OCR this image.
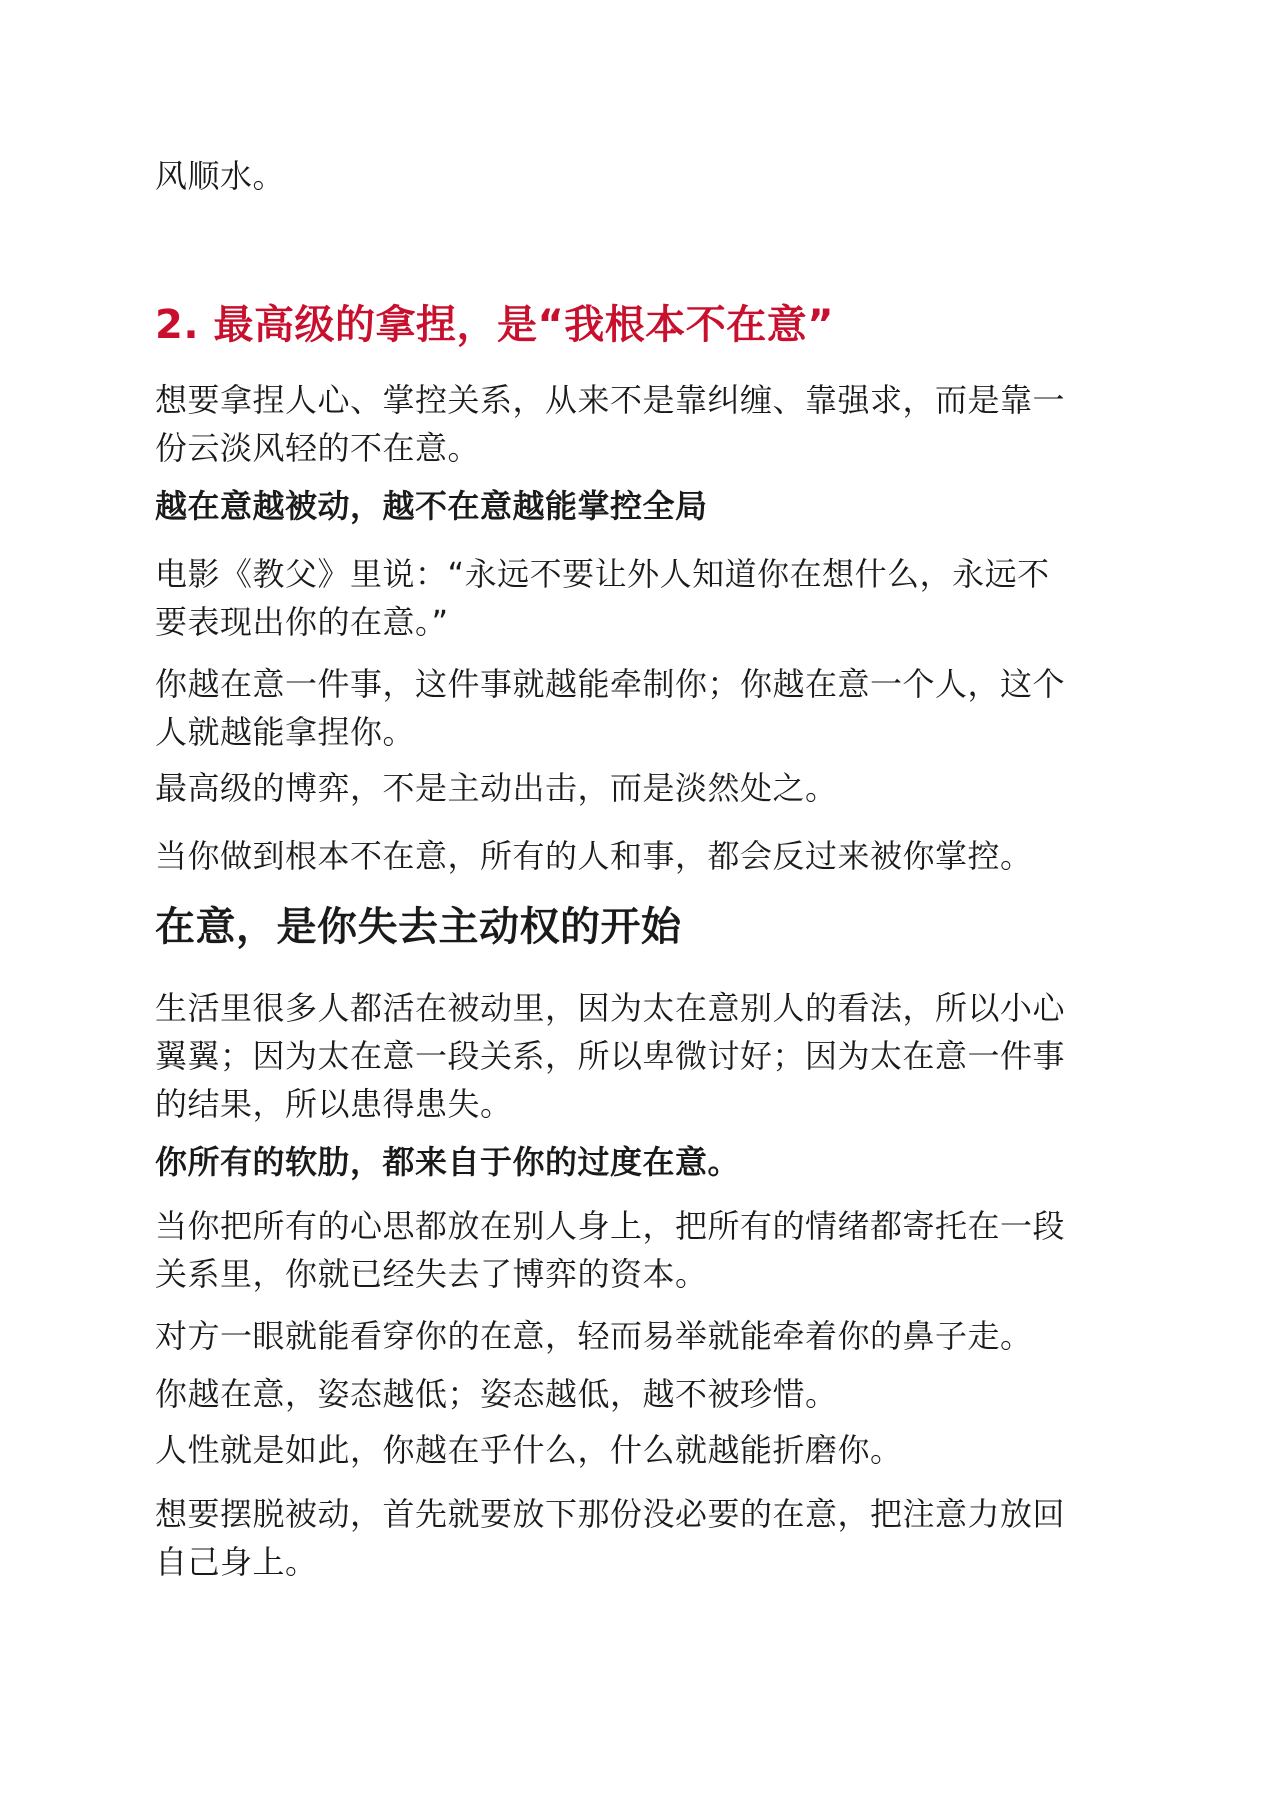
风顺水。
2. 最高级的拿捏，是“我根本不在意”
想要拿捏人心、掌控关系，从来不是靠纠缠、靠强求，而是靠一
份云淡风轻的不在意。
越在意越被动，越不在意越能掌控全局
电影《教父》里说：“永远不要让外人知道你在想什么，永远不
要表现出你的在意。”
你越在意一件事，这件事就越能牵制你；你越在意一个人，这个
人就越能拿捏你。
最高级的博弈，不是主动出击，而是淡然处之。
当你做到根本不在意，所有的人和事，都会反过来被你掌控。
在意，是你失去主动权的开始
生活里很多人都活在被动里，因为太在意别人的看法，所以小心
翼翼；因为太在意一段关系，所以卑微讨好；因为太在意一件事
的结果，所以患得患失。
你所有的软肋，都来自于你的过度在意。
当你把所有的心思都放在别人身上，把所有的情绪都寄托在一段
关系里，你就已经失去了博弈的资本。
对方一眼就能看穿你的在意，轻而易举就能牵着你的鼻子走。
你越在意，姿态越低；姿态越低，越不被珍惜。
人性就是如此，你越在乎什么，什么就越能折磨你。
想要摆脱被动，首先就要放下那份没必要的在意，把注意力放回
自己身上。
